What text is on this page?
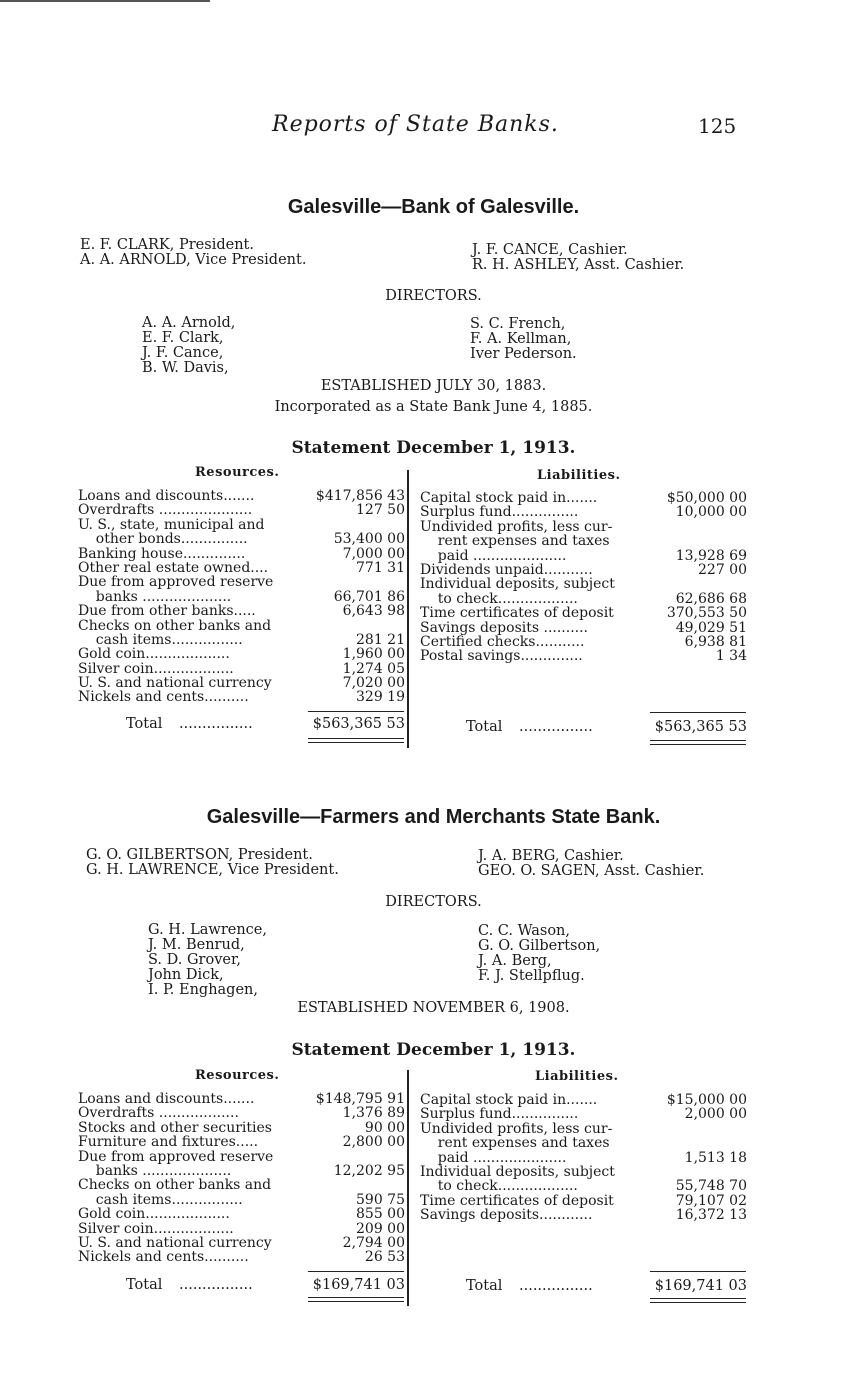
Reports of State Banks.	125
Galesville—Bank of Galesville.
E. F. CLARK, President.
A. A. ARNOLD, Vice President.
J. F. CANCE, Cashier.
R. H. ASHLEY, Asst. Cashier.
DIRECTORS.
A. A. Arnold,
E. F. Clark,
J. F. Cance,
B. W. Davis,
S. C. French,
F. A. Kellman,
Iver Pederson.
ESTABLISHED JULY 30, 1883.
Incorporated as a State Bank June 4, 1885.
Statement December 1, 1913.
Resources.	Liabilities.
Loans and discounts.......	$417,856 43
Overdrafts .....................	127 50
U. S., state, municipal and
other bonds...............	53,400 00
Banking house..............	7,000 00
Other real estate owned....	771 31
Due from approved reserve
banks ....................	66,701 86
Due from other banks.....	6,643 98
Checks on other banks and
cash items................	281 21
Gold coin...................	1,960 00
Silver coin..................	1,274 05
U. S. and national currency	7,020 00
Nickels and cents..........	329 19
Capital stock paid in.......	$50,000 00
Surplus fund...............	10,000 00
Undivided profits, less cur-
rent expenses and taxes
paid .....................	13,928 69
Dividends unpaid...........	227 00
Individual deposits, subject
to check..................	62,686 68
Time certificates of deposit	370,553 50
Savings deposits ..........	49,029 51
Certified checks...........	6,938 81
Postal savings..............	1 34
Total ................	$563,365 53	Total ................	$563,365 53
Galesville—Farmers and Merchants State Bank.
G. O. GILBERTSON, President.
G. H. LAWRENCE, Vice President.
J. A. BERG, Cashier.
GEO. O. SAGEN, Asst. Cashier.
DIRECTORS.
G. H. Lawrence,
J. M. Benrud,
S. D. Grover,
John Dick,
I. P. Enghagen,
C. C. Wason,
G. O. Gilbertson,
J. A. Berg,
F. J. Stellpflug.
ESTABLISHED NOVEMBER 6, 1908.
Statement December 1, 1913.
Resources.	Liabilities.
Loans and discounts.......	$148,795 91
Overdrafts ..................	1,376 89
Stocks and other securities	90 00
Furniture and fixtures.....	2,800 00
Due from approved reserve
banks ....................	12,202 95
Checks on other banks and
cash items................	590 75
Gold coin...................	855 00
Silver coin..................	209 00
U. S. and national currency	2,794 00
Nickels and cents..........	26 53
Capital stock paid in.......	$15,000 00
Surplus fund...............	2,000 00
Undivided profits, less cur-
rent expenses and taxes
paid .....................	1,513 18
Individual deposits, subject
to check..................	55,748 70
Time certificates of deposit	79,107 02
Savings deposits............	16,372 13
Total ................	$169,741 03	Total ................	$169,741 03
